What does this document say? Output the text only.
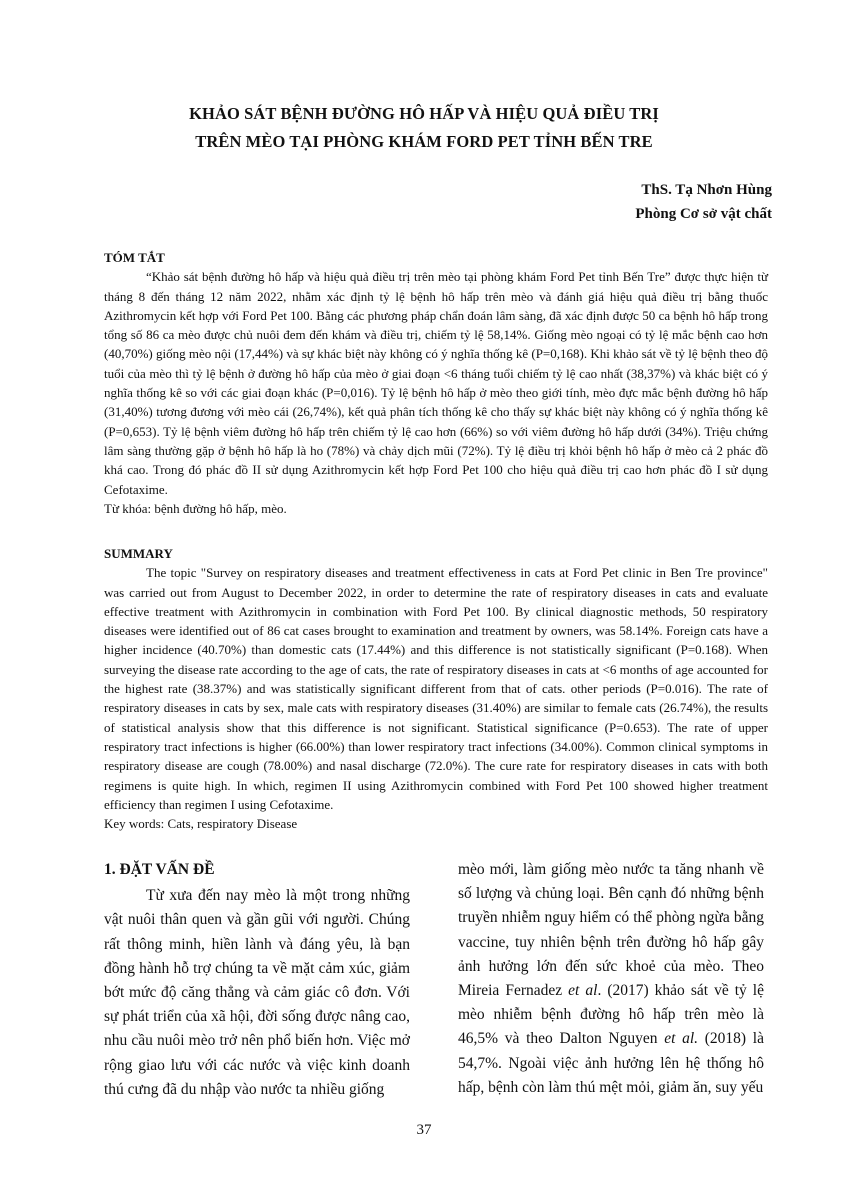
KHẢO SÁT BỆNH ĐƯỜNG HÔ HẤP VÀ HIỆU QUẢ ĐIỀU TRỊ
TRÊN MÈO TẠI PHÒNG KHÁM FORD PET TỈNH BẾN TRE
ThS. Tạ Nhơn Hùng
Phòng Cơ sở vật chất
TÓM TẮT

“Khảo sát bệnh đường hô hấp và hiệu quả điều trị trên mèo tại phòng khám Ford Pet tỉnh Bến Tre” được thực hiện từ tháng 8 đến tháng 12 năm 2022, nhằm xác định tỷ lệ bệnh hô hấp trên mèo và đánh giá hiệu quả điều trị bằng thuốc Azithromycin kết hợp với Ford Pet 100. Bằng các phương pháp chẩn đoán lâm sàng, đã xác định được 50 ca bệnh hô hấp trong tổng số 86 ca mèo được chủ nuôi đem đến khám và điều trị, chiếm tỷ lệ 58,14%. Giống mèo ngoại có tỷ lệ mắc bệnh cao hơn (40,70%) giống mèo nội (17,44%) và sự khác biệt này không có ý nghĩa thống kê (P=0,168). Khi khảo sát về tỷ lệ bệnh theo độ tuổi của mèo thì tỷ lệ bệnh ở đường hô hấp của mèo ở giai đoạn <6 tháng tuổi chiếm tỷ lệ cao nhất (38,37%) và khác biệt có ý nghĩa thống kê so với các giai đoạn khác (P=0,016). Tỷ lệ bệnh hô hấp ở mèo theo giới tính, mèo đực mắc bệnh đường hô hấp (31,40%) tương đương với mèo cái (26,74%), kết quả phân tích thống kê cho thấy sự khác biệt này không có ý nghĩa thống kê (P=0,653). Tỷ lệ bệnh viêm đường hô hấp trên chiếm tỷ lệ cao hơn (66%) so với viêm đường hô hấp dưới (34%). Triệu chứng lâm sàng thường gặp ở bệnh hô hấp là ho (78%) và chảy dịch mũi (72%). Tỷ lệ điều trị khỏi bệnh hô hấp ở mèo cả 2 phác đồ khá cao. Trong đó phác đồ II sử dụng Azithromycin kết hợp Ford Pet 100 cho hiệu quả điều trị cao hơn phác đồ I sử dụng Cefotaxime.

Từ khóa: bệnh đường hô hấp, mèo.
SUMMARY

The topic "Survey on respiratory diseases and treatment effectiveness in cats at Ford Pet clinic in Ben Tre province" was carried out from August to December 2022, in order to determine the rate of respiratory diseases in cats and evaluate effective treatment with Azithromycin in combination with Ford Pet 100. By clinical diagnostic methods, 50 respiratory diseases were identified out of 86 cat cases brought to examination and treatment by owners, was 58.14%. Foreign cats have a higher incidence (40.70%) than domestic cats (17.44%) and this difference is not statistically significant (P=0.168). When surveying the disease rate according to the age of cats, the rate of respiratory diseases in cats at <6 months of age accounted for the highest rate (38.37%) and was statistically significant different from that of cats. other periods (P=0.016). The rate of respiratory diseases in cats by sex, male cats with respiratory diseases (31.40%) are similar to female cats (26.74%), the results of statistical analysis show that this difference is not significant. Statistical significance (P=0.653). The rate of upper respiratory tract infections is higher (66.00%) than lower respiratory tract infections (34.00%). Common clinical symptoms in respiratory disease are cough (78.00%) and nasal discharge (72.0%). The cure rate for respiratory diseases in cats with both regimens is quite high. In which, regimen II using Azithromycin combined with Ford Pet 100 showed higher treatment efficiency than regimen I using Cefotaxime.

Key words: Cats, respiratory Disease
1. ĐẶT VẤN ĐỀ

Từ xưa đến nay mèo là một trong những vật nuôi thân quen và gần gũi với người. Chúng rất thông minh, hiền lành và đáng yêu, là bạn đồng hành hỗ trợ chúng ta về mặt cảm xúc, giảm bớt mức độ căng thẳng và cảm giác cô đơn. Với sự phát triển của xã hội, đời sống được nâng cao, nhu cầu nuôi mèo trở nên phổ biến hơn. Việc mở rộng giao lưu với các nước và việc kinh doanh thú cưng đã du nhập vào nước ta nhiều giống

mèo mới, làm giống mèo nước ta tăng nhanh về số lượng và chủng loại. Bên cạnh đó những bệnh truyền nhiễm nguy hiểm có thể phòng ngừa bằng vaccine, tuy nhiên bệnh trên đường hô hấp gây ảnh hưởng lớn đến sức khoẻ của mèo. Theo Mireia Fernadez et al. (2017) khảo sát về tỷ lệ mèo nhiễm bệnh đường hô hấp trên mèo là 46,5% và theo Dalton Nguyen et al. (2018) là 54,7%. Ngoài việc ảnh hưởng lên hệ thống hô hấp, bệnh còn làm thú mệt mỏi, giảm ăn, suy yếu

37
